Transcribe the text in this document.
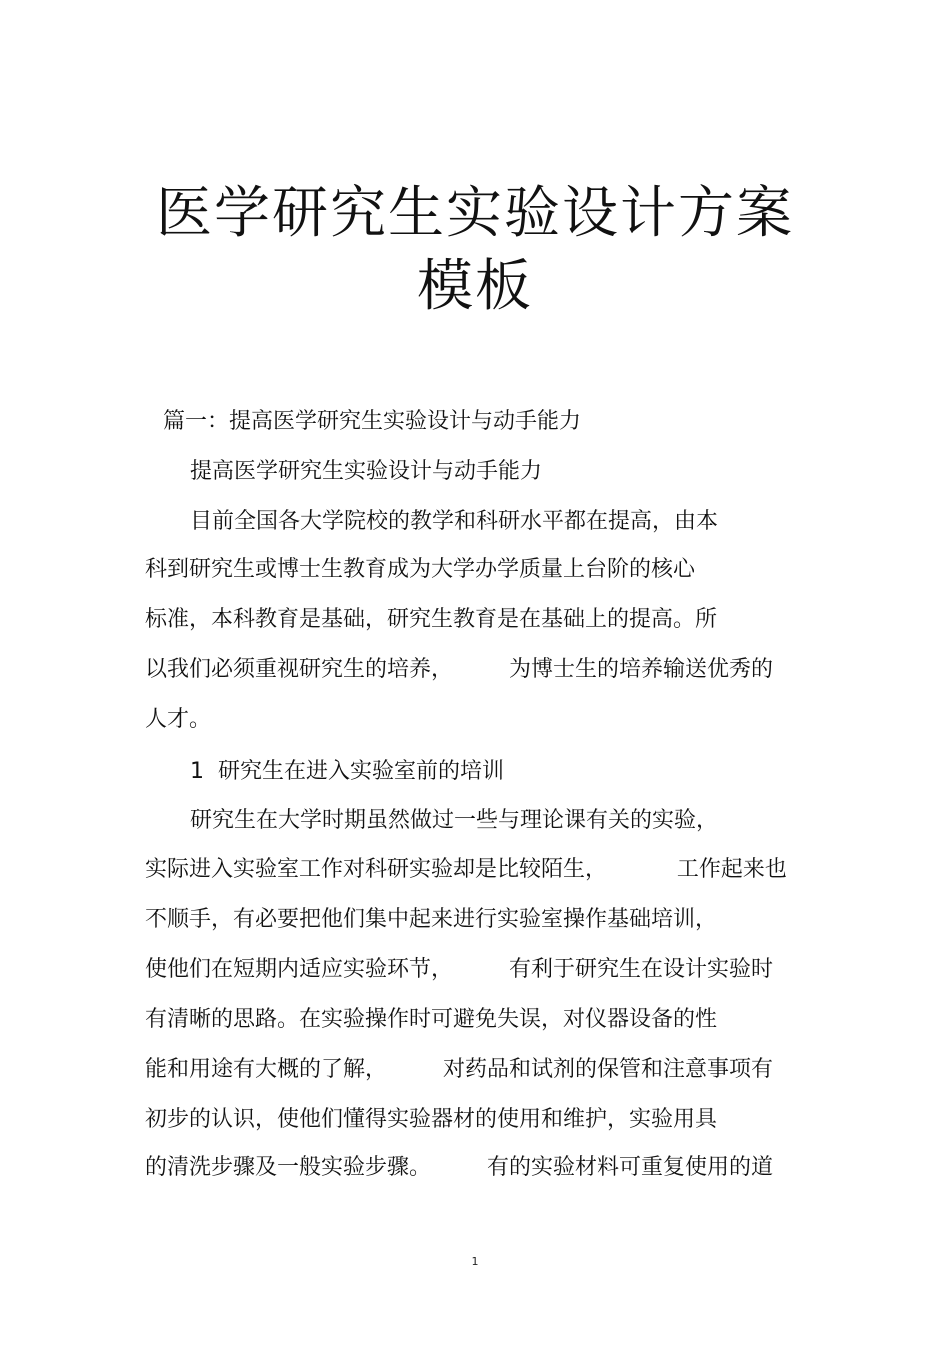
医学研究生实验设计方案
模板
篇一：提高医学研究生实验设计与动手能力
提高医学研究生实验设计与动手能力
目前全国各大学院校的教学和科研水平都在提高，由本
科到研究生或博士生教育成为大学办学质量上台阶的核心
标准，本科教育是基础，研究生教育是在基础上的提高。所
以我们必须重视研究生的培养，        为博士生的培养输送优秀的
人才。
1  研究生在进入实验室前的培训
研究生在大学时期虽然做过一些与理论课有关的实验，
实际进入实验室工作对科研实验却是比较陌生，          工作起来也
不顺手，有必要把他们集中起来进行实验室操作基础培训，
使他们在短期内适应实验环节，        有利于研究生在设计实验时
有清晰的思路。在实验操作时可避免失误，对仪器设备的性
能和用途有大概的了解，        对药品和试剂的保管和注意事项有
初步的认识，使他们懂得实验器材的使用和维护，实验用具
的清洗步骤及一般实验步骤。        有的实验材料可重复使用的道
1
